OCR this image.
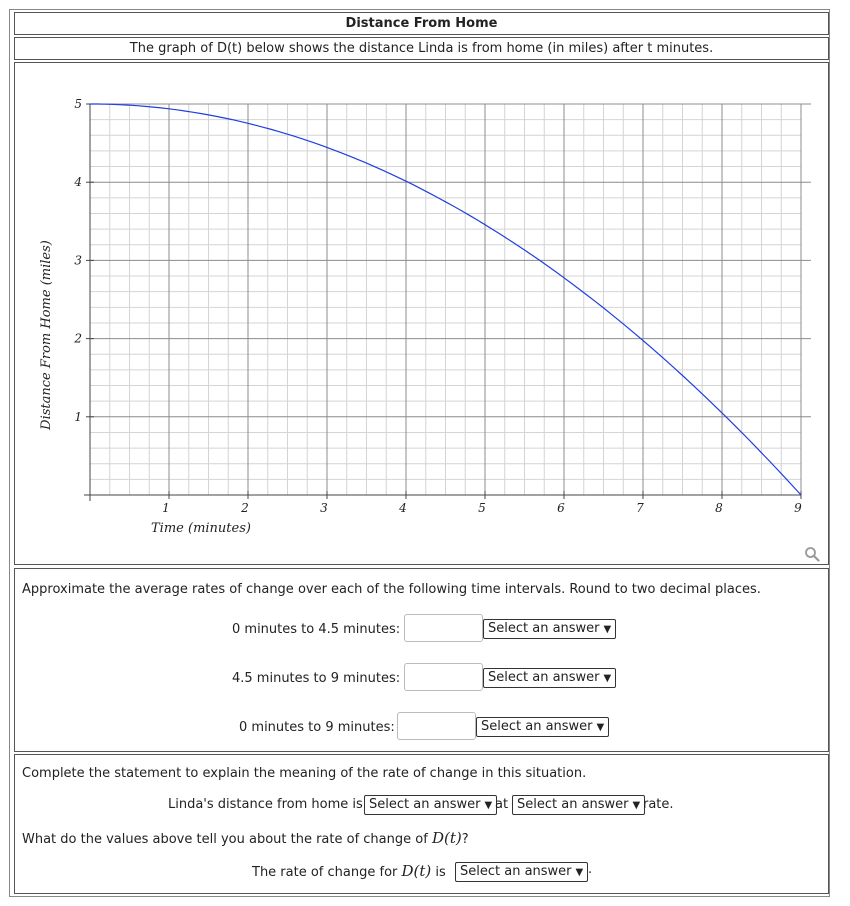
Distance From Home
The graph of D(t) below shows the distance Linda is from home (in miles) after t minutes.
1	2	3	4	5	6	7	8	9
1
2
3
4
5
Distance From Home (miles)
Time (minutes)
Approximate the average rates of change over each of the following time intervals. Round to two decimal places.
0 minutes to 4.5 minutes:	Select an answer ▼
4.5 minutes to 9 minutes:	Select an answer ▼
0 minutes to 9 minutes:	Select an answer ▼
Complete the statement to explain the meaning of the rate of change in this situation.
Linda's distance from home is Select an answer ▼ at Select an answer ▼ rate.
What do the values above tell you about the rate of change of D(t)?
The rate of change for D(t) is	Select an answer ▼ .
